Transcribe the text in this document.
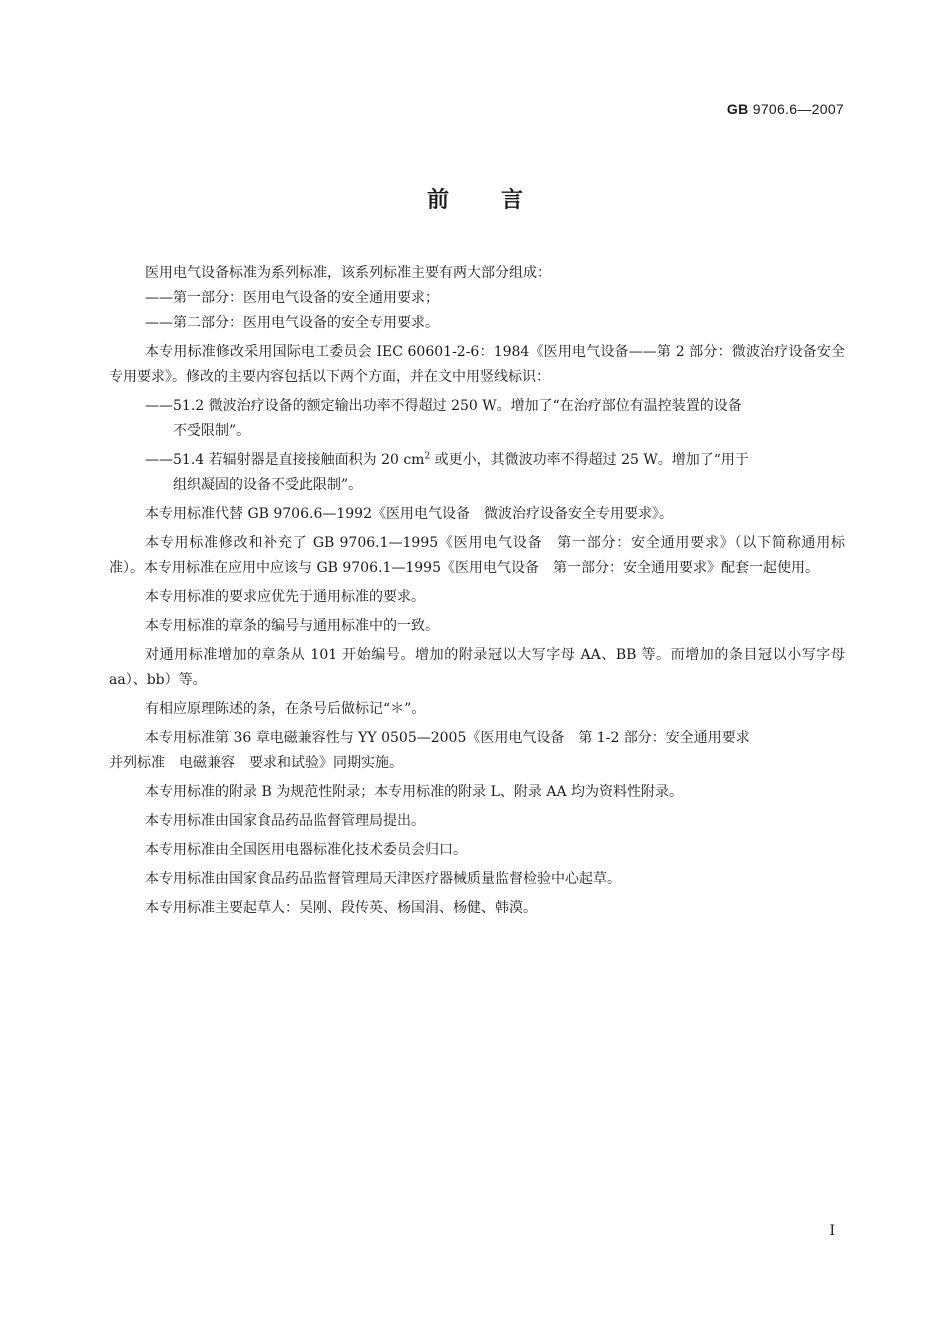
GB 9706.6—2007
前言
医用电气设备标准为系列标准，该系列标准主要有两大部分组成：
——第一部分：医用电气设备的安全通用要求；
——第二部分：医用电气设备的安全专用要求。
本专用标准修改采用国际电工委员会 IEC 60601-2-6：1984《医用电气设备——第 2 部分：微波治疗设备安全专用要求》。修改的主要内容包括以下两个方面，并在文中用竖线标识：
——51.2 微波治疗设备的额定输出功率不得超过 250 W。增加了“在治疗部位有温控装置的设备
不受限制”。
——51.4 若辐射器是直接接触面积为 20 $cm^2$ 或更小，其微波功率不得超过 25 W。增加了“用于
组织凝固的设备不受此限制”。
本专用标准代替 GB 9706.6—1992《医用电气设备　微波治疗设备安全专用要求》。
本专用标准修改和补充了 GB 9706.1—1995《医用电气设备　第一部分：安全通用要求》（以下简称通用标准）。本专用标准在应用中应该与 GB 9706.1—1995《医用电气设备　第一部分：安全通用要求》配套一起使用。
本专用标准的要求应优先于通用标准的要求。
本专用标准的章条的编号与通用标准中的一致。
对通用标准增加的章条从 101 开始编号。增加的附录冠以大写字母 AA、BB 等。而增加的条目冠以小写字母 aa）、bb）等。
有相应原理陈述的条，在条号后做标记“＊”。
本专用标准第 36 章电磁兼容性与 YY 0505—2005《医用电气设备　第 1-2 部分：安全通用要求
并列标准　电磁兼容　要求和试验》同期实施。
本专用标准的附录 B 为规范性附录；本专用标准的附录 L、附录 AA 均为资料性附录。
本专用标准由国家食品药品监督管理局提出。
本专用标准由全国医用电器标准化技术委员会归口。
本专用标准由国家食品药品监督管理局天津医疗器械质量监督检验中心起草。
本专用标准主要起草人：吴刚、段传英、杨国涓、杨健、韩漠。
I
